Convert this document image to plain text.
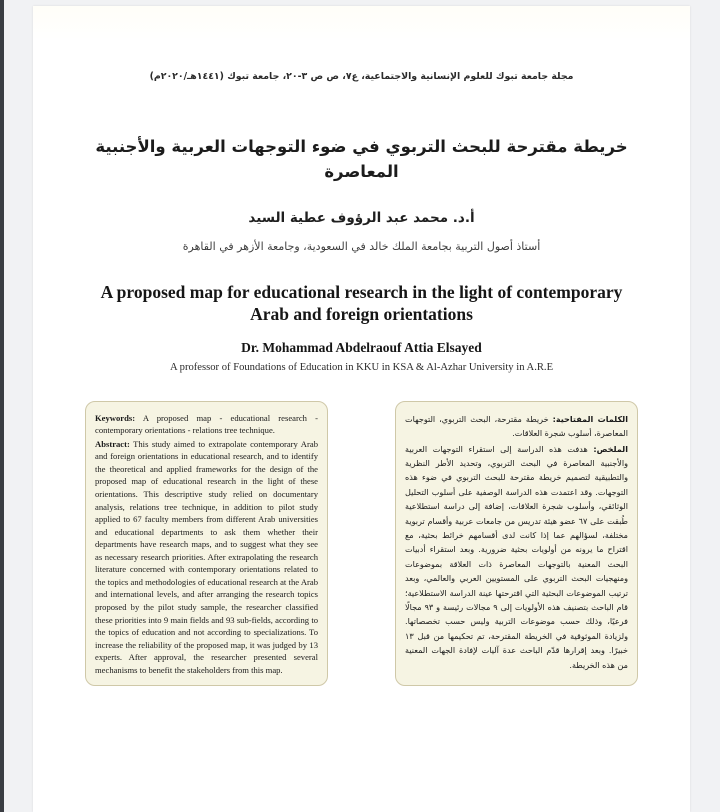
مجلة جامعة تبوك للعلوم الإنسانية والاجتماعية، ع٧، ص ص ٣-٢٠، جامعة تبوك (١٤٤١هـ/٢٠٢٠م)
خريطة مقترحة للبحث التربوي في ضوء التوجهات العربية والأجنبية المعاصرة
أ.د. محمد عبد الرؤوف عطية السيد
أستاذ أصول التربية بجامعة الملك خالد في السعودية، وجامعة الأزهر في القاهرة
A proposed map for educational research in the light of contemporary Arab and foreign orientations
Dr. Mohammad Abdelraouf Attia Elsayed
A professor of Foundations of Education in KKU in KSA & Al-Azhar University in A.R.E

Keywords: A proposed map - educational research - contemporary orientations - relations tree technique.

Abstract: This study aimed to extrapolate contemporary Arab and foreign orientations in educational research, and to identify the theoretical and applied frameworks for the design of the proposed map of educational research in the light of these orientations. This descriptive study relied on documentary analysis, relations tree technique, in addition to pilot study applied to 67 faculty members from different Arab universities and educational departments to ask them whether their departments have research maps, and to suggest what they see as necessary research priorities. After extrapolating the research literature concerned with contemporary orientations related to the topics and methodologies of educational research at the Arab and international levels, and after arranging the research topics proposed by the pilot study sample, the researcher classified these priorities into 9 main fields and 93 sub-fields, according to the topics of education and not according to specializations. To increase the reliability of the proposed map, it was judged by 13 experts. After approval, the researcher presented several mechanisms to benefit the stakeholders from this map.

الكلمات المفتاحية: خريطة مقترحة، البحث التربوي، التوجهات المعاصرة، أسلوب شجرة العلاقات.

الملخص: هدفت هذه الدراسة إلى استقراء التوجهات العربية والأجنبية المعاصرة في البحث التربوي، وتحديد الأطر النظرية والتطبيقية لتصميم خريطة مقترحة للبحث التربوي في ضوء هذه التوجهات. وقد اعتمدت هذه الدراسة الوصفية على أسلوب التحليل الوثائقي، وأسلوب شجرة العلاقات، إضافة إلى دراسة استطلاعية طُبقت على ٦٧ عضو هيئة تدريس من جامعات عربية وأقسام تربوية مختلفة، لسؤالهم عما إذا كانت لدى أقسامهم خرائط بحثية، مع اقتراح ما يرونه من أولويات بحثية ضرورية. وبعد استقراء أدبيات البحث المعنية بالتوجهات المعاصرة ذات العلاقة بموضوعات ومنهجيات البحث التربوي على المستويين العربي والعالمي، وبعد ترتيب الموضوعات البحثية التي اقترحتها عينة الدراسة الاستطلاعية؛ قام الباحث بتصنيف هذه الأولويات إلى ٩ مجالات رئيسة و ٩٣ مجالًا فرعيًا، وذلك حسب موضوعات التربية وليس حسب تخصصاتها. ولزيادة الموثوقية في الخريطة المقترحة، تم تحكيمها من قبل ١٣ خبيرًا. وبعد إقرارها قدّم الباحث عدة آليات لإفادة الجهات المعنية من هذه الخريطة.
